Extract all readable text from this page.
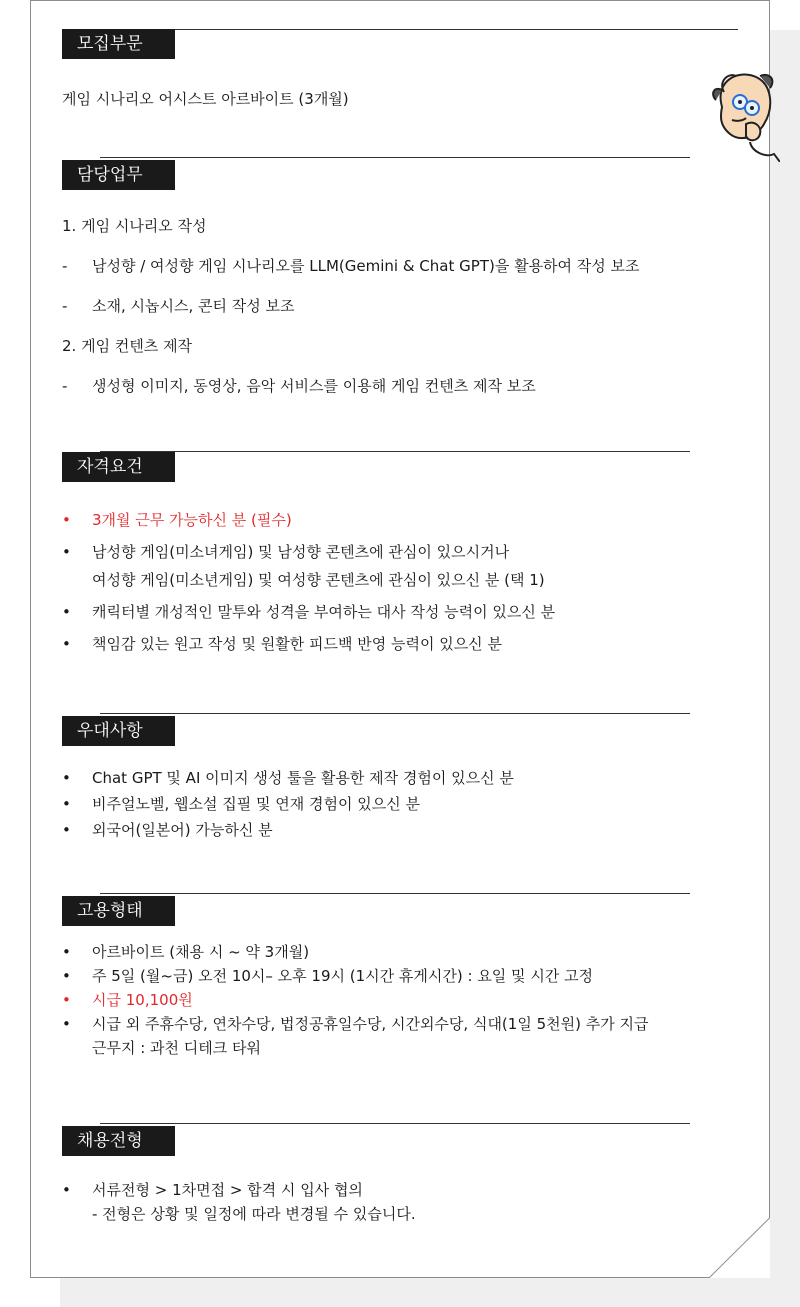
모집부문
게임 시나리오 어시스트 아르바이트 (3개월)
담당업무
1. 게임 시나리오 작성
- 남성향 / 여성향 게임 시나리오를 LLM(Gemini & Chat GPT)을 활용하여 작성 보조
- 소재, 시놉시스, 콘티 작성 보조
2. 게임 컨텐츠 제작
- 생성형 이미지, 동영상, 음악 서비스를 이용해 게임 컨텐츠 제작 보조
자격요건
• 3개월 근무 가능하신 분 (필수)
• 남성향 게임(미소녀게임) 및 남성향 콘텐츠에 관심이 있으시거나
여성향 게임(미소년게임) 및 여성향 콘텐츠에 관심이 있으신 분 (택 1)
• 캐릭터별 개성적인 말투와 성격을 부여하는 대사 작성 능력이 있으신 분
• 책임감 있는 원고 작성 및 원활한 피드백 반영 능력이 있으신 분
우대사항
• Chat GPT 및 AI 이미지 생성 툴을 활용한 제작 경험이 있으신 분
• 비주얼노벨, 웹소설 집필 및 연재 경험이 있으신 분
• 외국어(일본어) 가능하신 분
고용형태
• 아르바이트 (채용 시 ~ 약 3개월)
• 주 5일 (월~금) 오전 10시– 오후 19시 (1시간 휴게시간) : 요일 및 시간 고정
• 시급 10,100원
• 시급 외 주휴수당, 연차수당, 법정공휴일수당, 시간외수당, 식대(1일 5천원) 추가 지급
근무지 : 과천 디테크 타워
채용전형
• 서류전형 > 1차면접 > 합격 시 입사 협의
- 전형은 상황 및 일정에 따라 변경될 수 있습니다.
